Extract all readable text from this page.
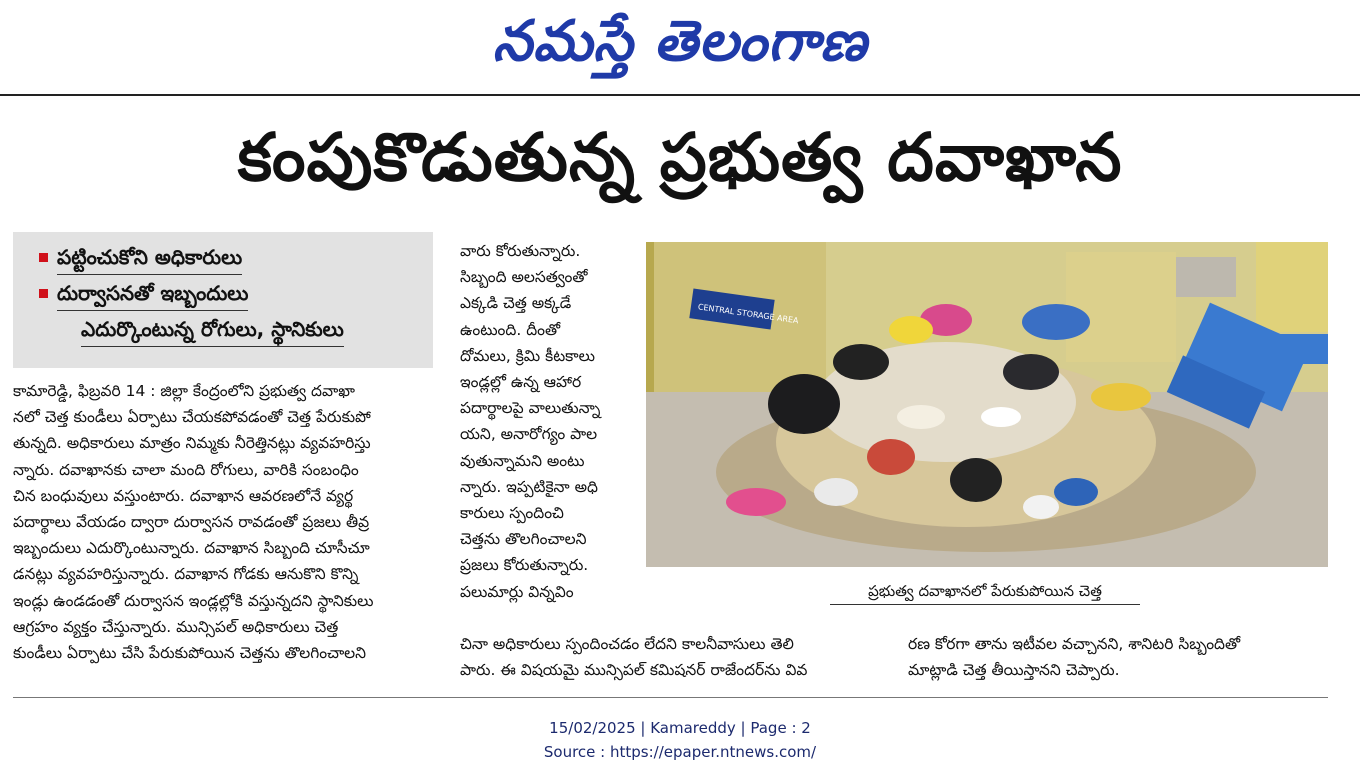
నమస్తే తెలంగాణ
కంపుకొడుతున్న ప్రభుత్వ దవాఖాన
పట్టించుకోని అధికారులు
దుర్వాసనతో ఇబ్బందులు
ఎదుర్కొంటున్న రోగులు, స్థానికులు
కామారెడ్డి, ఫిబ్రవరి 14 : జిల్లా కేంద్రంలోని ప్రభుత్వ దవాఖా
నలో చెత్త కుండీలు ఏర్పాటు చేయకపోవడంతో చెత్త పేరుకుపో
తున్నది. అధికారులు మాత్రం నిమ్మకు నీరెత్తినట్లు వ్యవహరిస్తు
న్నారు. దవాఖానకు చాలా మంది రోగులు, వారికి సంబంధిం
చిన బంధువులు వస్తుంటారు. దవాఖాన ఆవరణలోనే వ్యర్థ
పదార్థాలు వేయడం ద్వారా దుర్వాసన రావడంతో ప్రజలు తీవ్ర
ఇబ్బందులు ఎదుర్కొంటున్నారు. దవాఖాన సిబ్బంది చూసీచూ
డనట్లు వ్యవహరిస్తున్నారు. దవాఖాన గోడకు ఆనుకొని కొన్ని
ఇండ్లు ఉండడంతో దుర్వాసన ఇండ్లల్లోకి వస్తున్నదని స్థానికులు
ఆగ్రహం వ్యక్తం చేస్తున్నారు. మున్సిపల్ అధికారులు చెత్త
కుండీలు ఏర్పాటు చేసి పేరుకుపోయిన చెత్తను తొలగించాలని
వారు కోరుతున్నారు.
సిబ్బంది అలసత్వంతో
ఎక్కడి చెత్త అక్కడే
ఉంటుంది. దీంతో
దోమలు, క్రిమి కీటకాలు
ఇండ్లల్లో ఉన్న ఆహార
పదార్థాలపై వాలుతున్నా
యని, అనారోగ్యం పాల
వుతున్నామని అంటు
న్నారు. ఇప్పటికైనా అధి
కారులు స్పందించి
చెత్తను తొలగించాలని
ప్రజలు కోరుతున్నారు.
పలుమార్లు విన్నవిం
CENTRAL STORAGE AREA
ప్రభుత్వ దవాఖానలో పేరుకుపోయిన చెత్త
చినా అధికారులు స్పందించడం లేదని కాలనీవాసులు తెలి
పారు. ఈ విషయమై మున్సిపల్ కమిషనర్ రాజేందర్‌ను వివ
రణ కోరగా తాను ఇటీవల వచ్చానని, శానిటరి సిబ్బందితో
మాట్లాడి చెత్త తీయిస్తానని చెప్పారు.
15/02/2025 | Kamareddy | Page : 2
Source : https://epaper.ntnews.com/
